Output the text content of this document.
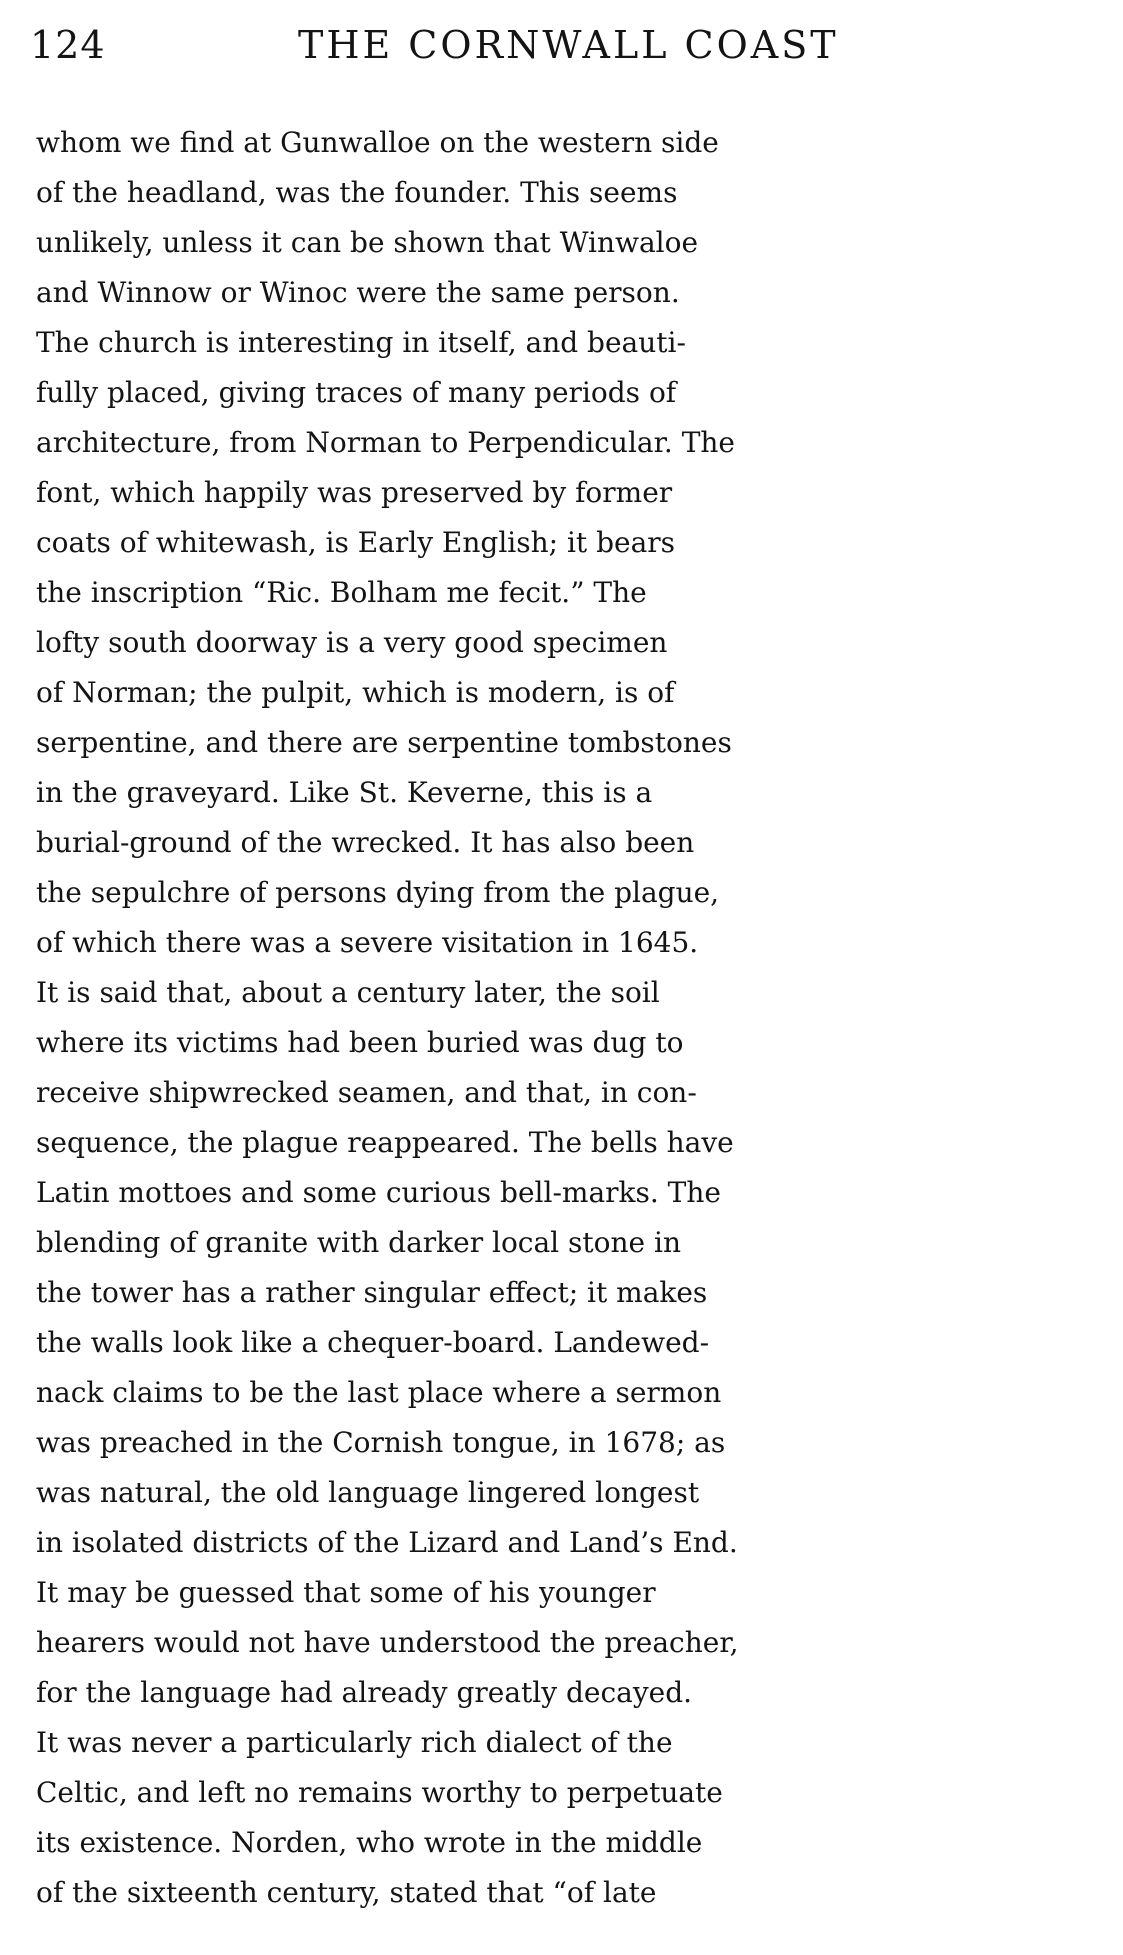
124	THE CORNWALL COAST
whom we find at Gunwalloe on the western side
of the headland, was the founder. This seems
unlikely, unless it can be shown that Winwaloe
and Winnow or Winoc were the same person.
The church is interesting in itself, and beauti-
fully placed, giving traces of many periods of
architecture, from Norman to Perpendicular. The
font, which happily was preserved by former
coats of whitewash, is Early English; it bears
the inscription “Ric. Bolham me fecit.” The
lofty south doorway is a very good specimen
of Norman; the pulpit, which is modern, is of
serpentine, and there are serpentine tombstones
in the graveyard. Like St. Keverne, this is a
burial-ground of the wrecked. It has also been
the sepulchre of persons dying from the plague,
of which there was a severe visitation in 1645.
It is said that, about a century later, the soil
where its victims had been buried was dug to
receive shipwrecked seamen, and that, in con-
sequence, the plague reappeared. The bells have
Latin mottoes and some curious bell-marks. The
blending of granite with darker local stone in
the tower has a rather singular effect; it makes
the walls look like a chequer-board. Landewed-
nack claims to be the last place where a sermon
was preached in the Cornish tongue, in 1678; as
was natural, the old language lingered longest
in isolated districts of the Lizard and Land’s End.
It may be guessed that some of his younger
hearers would not have understood the preacher,
for the language had already greatly decayed.
It was never a particularly rich dialect of the
Celtic, and left no remains worthy to perpetuate
its existence. Norden, who wrote in the middle
of the sixteenth century, stated that “of late
